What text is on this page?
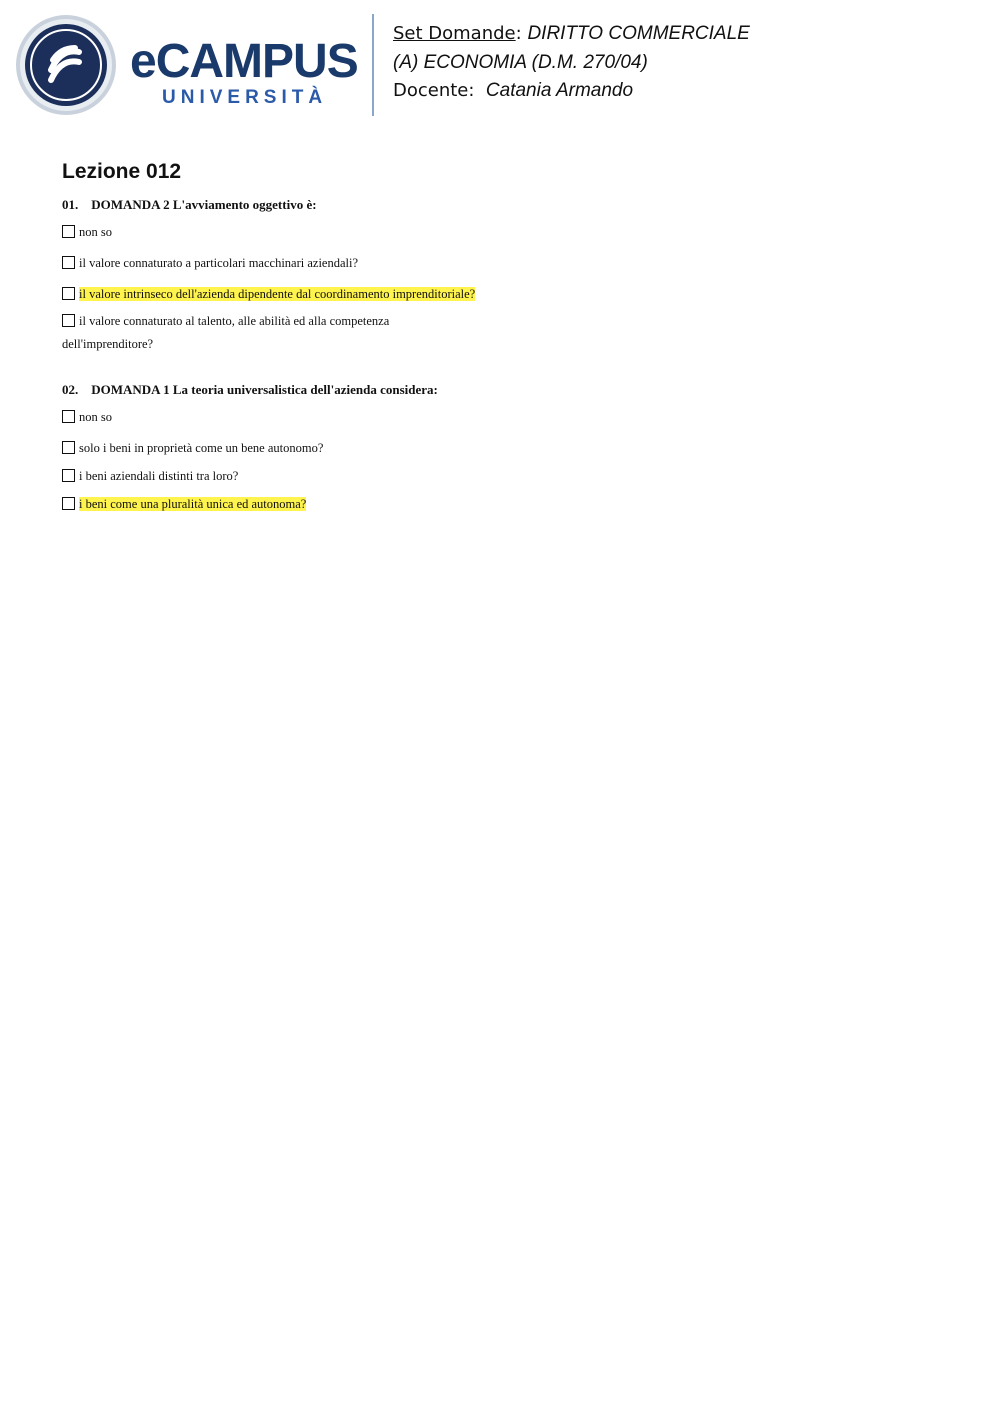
eCAMPUS
UNIVERSITÀ
Set Domande: DIRITTO COMMERCIALE
(A) ECONOMIA (D.M. 270/04)
Docente: Catania Armando
Lezione 012
01. DOMANDA 2 L'avviamento oggettivo è:
non so
il valore connaturato a particolari macchinari aziendali?
il valore intrinseco dell'azienda dipendente dal coordinamento imprenditoriale?
il valore connaturato al talento, alle abilità ed alla competenza dell'imprenditore?
02. DOMANDA 1 La teoria universalistica dell'azienda considera:
non so
solo i beni in proprietà come un bene autonomo?
i beni aziendali distinti tra loro?
i beni come una pluralità unica ed autonoma?
